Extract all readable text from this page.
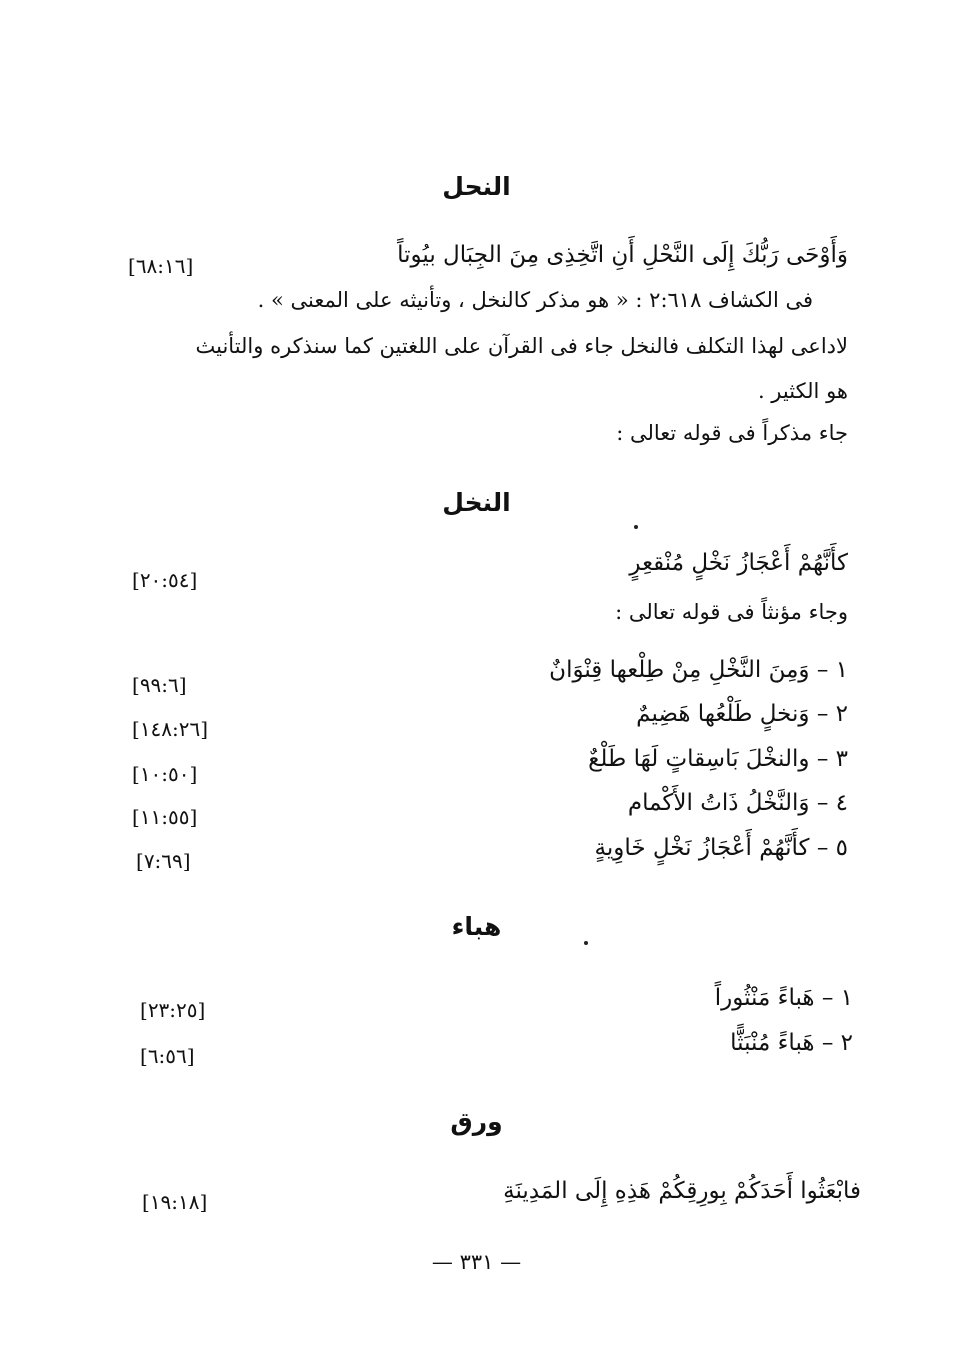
النحل
وَأَوْحَى رَبُّكَ إِلَى النَّحْلِ أَنِ اتَّخِذِى مِنَ الجِبَال بيُوتاً
[٦٨:١٦]
فى الكشاف ٢:٦١٨ : « هو مذكر كالنخل ، وتأنيثه على المعنى » .
لاداعى لهذا التكلف فالنخل جاء فى القرآن على اللغتين كما سنذكره والتأنيث
هو الكثير .
جاء مذكراً فى قوله تعالى :
النخل
كأَنَّهُمْ أَعْجَازُ نَخْلٍ مُنْقعِرٍ
[٢٠:٥٤]
وجاء مؤنثاً فى قوله تعالى :
١ – وَمِنَ النَّخْلِ مِنْ طِلْعها قِنْوَانٌ
[٩٩:٦]
٢ – وَنخلٍ طَلْعُها هَضِيمٌ
[١٤٨:٢٦]
٣ – والنخْلَ بَاسِقاتٍ لَهَا طَلْعٌ
[١٠:٥٠]
٤ – وَالنَّخْلُ ذَاتُ الأَكْمام
[١١:٥٥]
٥ – كأَنَّهُمْ أَعْجَازُ نَخْلٍ خَاوِيةٍ
[٧:٦٩]
هباء
١ – هَباءً مَنْثُوراً
[٢٣:٢٥]
٢ – هَباءً مُنْبَثًّا
[٦:٥٦]
ورق
فابْعَثُوا أَحَدَكُمْ بِورِقِكُمْ هَذِهِ إِلَى المَدِينَةِ
[١٩:١٨]
— ٣٣١ —
